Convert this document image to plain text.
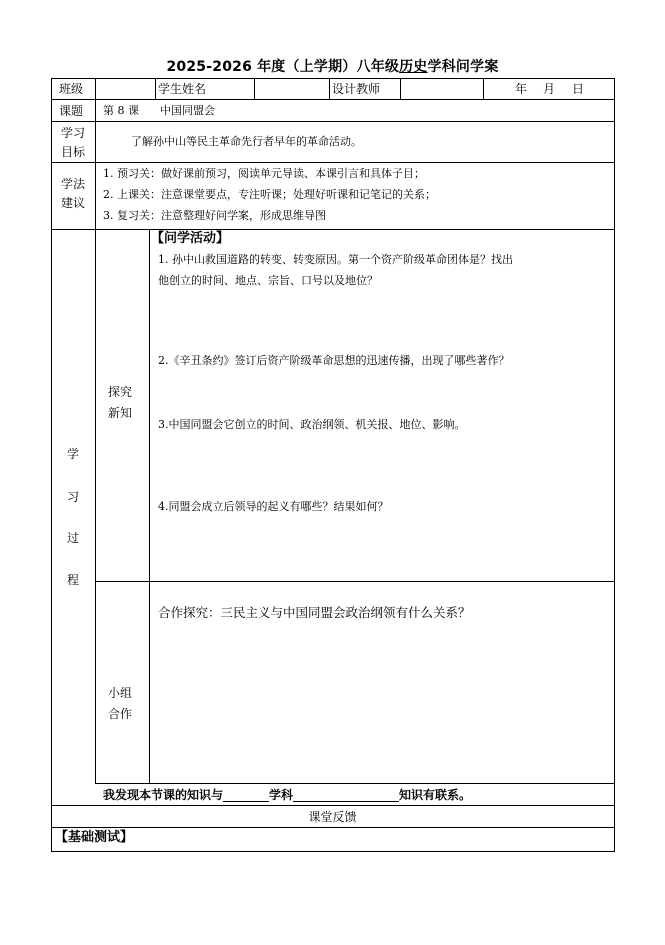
2025-2026 年度（上学期）八年级历史学科问学案
班级	学生姓名	设计教师	年 月 日
课题 第 8 课 中国同盟会
学习
目标
了解孙中山等民主革命先行者早年的革命活动。
学法
建议
1. 预习关：做好课前预习，阅读单元导读、本课引言和具体子目；
2. 上课关：注意课堂要点，专注听课；处理好听课和记笔记的关系；
3. 复习关：注意整理好问学案，形成思维导图
学
习
过
程
探究
新知
【问学活动】
1. 孙中山救国道路的转变、转变原因。第一个资产阶级革命团体是？找出
他创立的时间、地点、宗旨、口号以及地位？
2.《辛丑条约》签订后资产阶级革命思想的迅速传播，出现了哪些著作？
3.中国同盟会它创立的时间、政治纲领、机关报、地位、影响。
4.同盟会成立后领导的起义有哪些？结果如何？
小组
合作
合作探究：三民主义与中国同盟会政治纲领有什么关系？
我发现本节课的知识与	学科	知识有联系。
课堂反馈
【基础测试】
